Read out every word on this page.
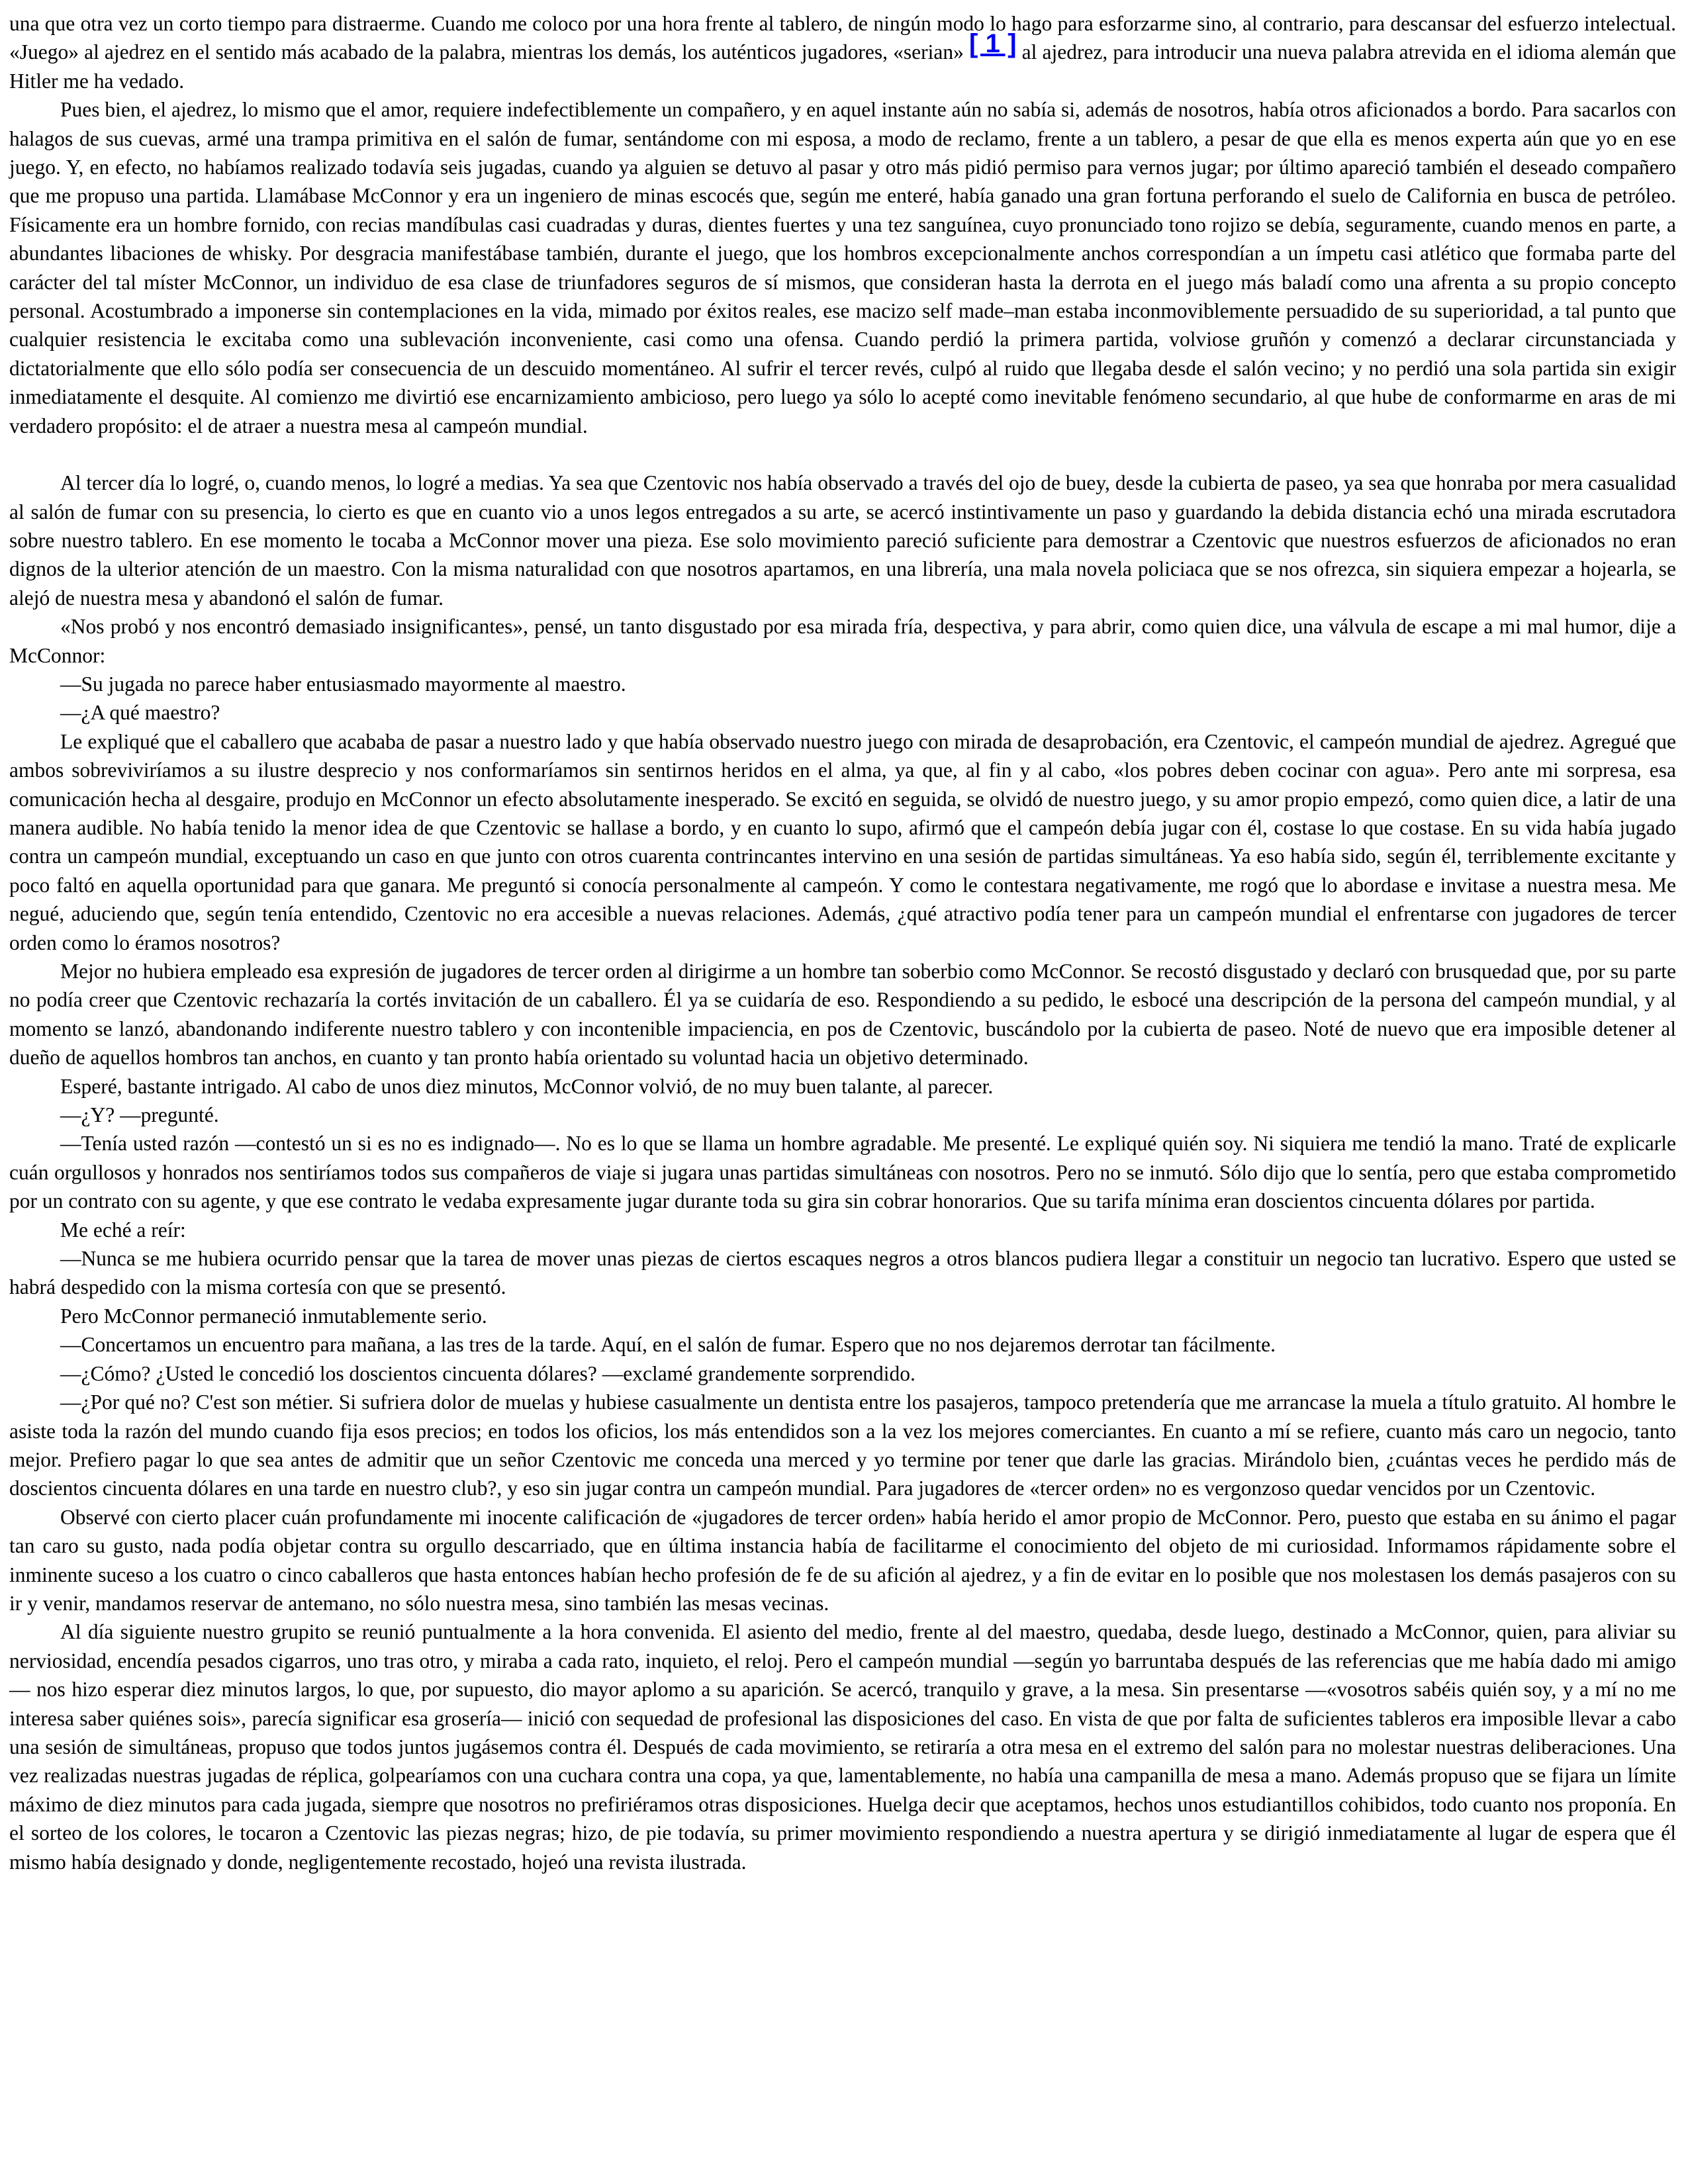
una que otra vez un corto tiempo para distraerme. Cuando me coloco por una hora frente al tablero, de ningún modo lo hago para esforzarme sino, al contrario, para descansar del esfuerzo intelectual. «Juego» al ajedrez en el sentido más acabado de la palabra, mientras los demás, los auténticos jugadores, «serian» [ 1 ] al ajedrez, para introducir una nueva palabra atrevida en el idioma alemán que Hitler me ha vedado.

Pues bien, el ajedrez, lo mismo que el amor, requiere indefectiblemente un compañero, y en aquel instante aún no sabía si, además de nosotros, había otros aficionados a bordo. Para sacarlos con halagos de sus cuevas, armé una trampa primitiva en el salón de fumar, sentándome con mi esposa, a modo de reclamo, frente a un tablero, a pesar de que ella es menos experta aún que yo en ese juego. Y, en efecto, no habíamos realizado todavía seis jugadas, cuando ya alguien se detuvo al pasar y otro más pidió permiso para vernos jugar; por último apareció también el deseado compañero que me propuso una partida. Llamábase McConnor y era un ingeniero de minas escocés que, según me enteré, había ganado una gran fortuna perforando el suelo de California en busca de petróleo. Físicamente era un hombre fornido, con recias mandíbulas casi cuadradas y duras, dientes fuertes y una tez sanguínea, cuyo pronunciado tono rojizo se debía, seguramente, cuando menos en parte, a abundantes libaciones de whisky. Por desgracia manifestábase también, durante el juego, que los hombros excepcionalmente anchos correspondían a un ímpetu casi atlético que formaba parte del carácter del tal míster McConnor, un individuo de esa clase de triunfadores seguros de sí mismos, que consideran hasta la derrota en el juego más baladí como una afrenta a su propio concepto personal. Acostumbrado a imponerse sin contemplaciones en la vida, mimado por éxitos reales, ese macizo self made–man estaba inconmoviblemente persuadido de su superioridad, a tal punto que cualquier resistencia le excitaba como una sublevación inconveniente, casi como una ofensa. Cuando perdió la primera partida, volviose gruñón y comenzó a declarar circunstanciada y dictatorialmente que ello sólo podía ser consecuencia de un descuido momentáneo. Al sufrir el tercer revés, culpó al ruido que llegaba desde el salón vecino; y no perdió una sola partida sin exigir inmediatamente el desquite. Al comienzo me divirtió ese encarnizamiento ambicioso, pero luego ya sólo lo acepté como inevitable fenómeno secundario, al que hube de conformarme en aras de mi verdadero propósito: el de atraer a nuestra mesa al campeón mundial.

Al tercer día lo logré, o, cuando menos, lo logré a medias. Ya sea que Czentovic nos había observado a través del ojo de buey, desde la cubierta de paseo, ya sea que honraba por mera casualidad al salón de fumar con su presencia, lo cierto es que en cuanto vio a unos legos entregados a su arte, se acercó instintivamente un paso y guardando la debida distancia echó una mirada escrutadora sobre nuestro tablero. En ese momento le tocaba a McConnor mover una pieza. Ese solo movimiento pareció suficiente para demostrar a Czentovic que nuestros esfuerzos de aficionados no eran dignos de la ulterior atención de un maestro. Con la misma naturalidad con que nosotros apartamos, en una librería, una mala novela policiaca que se nos ofrezca, sin siquiera empezar a hojearla, se alejó de nuestra mesa y abandonó el salón de fumar.

«Nos probó y nos encontró demasiado insignificantes», pensé, un tanto disgustado por esa mirada fría, despectiva, y para abrir, como quien dice, una válvula de escape a mi mal humor, dije a McConnor:

—Su jugada no parece haber entusiasmado mayormente al maestro.

—¿A qué maestro?

Le expliqué que el caballero que acababa de pasar a nuestro lado y que había observado nuestro juego con mirada de desaprobación, era Czentovic, el campeón mundial de ajedrez. Agregué que ambos sobreviviríamos a su ilustre desprecio y nos conformaríamos sin sentirnos heridos en el alma, ya que, al fin y al cabo, «los pobres deben cocinar con agua». Pero ante mi sorpresa, esa comunicación hecha al desgaire, produjo en McConnor un efecto absolutamente inesperado. Se excitó en seguida, se olvidó de nuestro juego, y su amor propio empezó, como quien dice, a latir de una manera audible. No había tenido la menor idea de que Czentovic se hallase a bordo, y en cuanto lo supo, afirmó que el campeón debía jugar con él, costase lo que costase. En su vida había jugado contra un campeón mundial, exceptuando un caso en que junto con otros cuarenta contrincantes intervino en una sesión de partidas simultáneas. Ya eso había sido, según él, terriblemente excitante y poco faltó en aquella oportunidad para que ganara. Me preguntó si conocía personalmente al campeón. Y como le contestara negativamente, me rogó que lo abordase e invitase a nuestra mesa. Me negué, aduciendo que, según tenía entendido, Czentovic no era accesible a nuevas relaciones. Además, ¿qué atractivo podía tener para un campeón mundial el enfrentarse con jugadores de tercer orden como lo éramos nosotros?

Mejor no hubiera empleado esa expresión de jugadores de tercer orden al dirigirme a un hombre tan soberbio como McConnor. Se recostó disgustado y declaró con brusquedad que, por su parte no podía creer que Czentovic rechazaría la cortés invitación de un caballero. Él ya se cuidaría de eso. Respondiendo a su pedido, le esbocé una descripción de la persona del campeón mundial, y al momento se lanzó, abandonando indiferente nuestro tablero y con incontenible impaciencia, en pos de Czentovic, buscándolo por la cubierta de paseo. Noté de nuevo que era imposible detener al dueño de aquellos hombros tan anchos, en cuanto y tan pronto había orientado su voluntad hacia un objetivo determinado.

Esperé, bastante intrigado. Al cabo de unos diez minutos, McConnor volvió, de no muy buen talante, al parecer.

—¿Y? —pregunté.

—Tenía usted razón —contestó un si es no es indignado—. No es lo que se llama un hombre agradable. Me presenté. Le expliqué quién soy. Ni siquiera me tendió la mano. Traté de explicarle cuán orgullosos y honrados nos sentiríamos todos sus compañeros de viaje si jugara unas partidas simultáneas con nosotros. Pero no se inmutó. Sólo dijo que lo sentía, pero que estaba comprometido por un contrato con su agente, y que ese contrato le vedaba expresamente jugar durante toda su gira sin cobrar honorarios. Que su tarifa mínima eran doscientos cincuenta dólares por partida.

Me eché a reír:

—Nunca se me hubiera ocurrido pensar que la tarea de mover unas piezas de ciertos escaques negros a otros blancos pudiera llegar a constituir un negocio tan lucrativo. Espero que usted se habrá despedido con la misma cortesía con que se presentó.

Pero McConnor permaneció inmutablemente serio.

—Concertamos un encuentro para mañana, a las tres de la tarde. Aquí, en el salón de fumar. Espero que no nos dejaremos derrotar tan fácilmente.

—¿Cómo? ¿Usted le concedió los doscientos cincuenta dólares? —exclamé grandemente sorprendido.

—¿Por qué no? C'est son métier. Si sufriera dolor de muelas y hubiese casualmente un dentista entre los pasajeros, tampoco pretendería que me arrancase la muela a título gratuito. Al hombre le asiste toda la razón del mundo cuando fija esos precios; en todos los oficios, los más entendidos son a la vez los mejores comerciantes. En cuanto a mí se refiere, cuanto más caro un negocio, tanto mejor. Prefiero pagar lo que sea antes de admitir que un señor Czentovic me conceda una merced y yo termine por tener que darle las gracias. Mirándolo bien, ¿cuántas veces he perdido más de doscientos cincuenta dólares en una tarde en nuestro club?, y eso sin jugar contra un campeón mundial. Para jugadores de «tercer orden» no es vergonzoso quedar vencidos por un Czentovic.

Observé con cierto placer cuán profundamente mi inocente calificación de «jugadores de tercer orden» había herido el amor propio de McConnor. Pero, puesto que estaba en su ánimo el pagar tan caro su gusto, nada podía objetar contra su orgullo descarriado, que en última instancia había de facilitarme el conocimiento del objeto de mi curiosidad. Informamos rápidamente sobre el inminente suceso a los cuatro o cinco caballeros que hasta entonces habían hecho profesión de fe de su afición al ajedrez, y a fin de evitar en lo posible que nos molestasen los demás pasajeros con su ir y venir, mandamos reservar de antemano, no sólo nuestra mesa, sino también las mesas vecinas.

Al día siguiente nuestro grupito se reunió puntualmente a la hora convenida. El asiento del medio, frente al del maestro, quedaba, desde luego, destinado a McConnor, quien, para aliviar su nerviosidad, encendía pesados cigarros, uno tras otro, y miraba a cada rato, inquieto, el reloj. Pero el campeón mundial —según yo barruntaba después de las referencias que me había dado mi amigo— nos hizo esperar diez minutos largos, lo que, por supuesto, dio mayor aplomo a su aparición. Se acercó, tranquilo y grave, a la mesa. Sin presentarse —«vosotros sabéis quién soy, y a mí no me interesa saber quiénes sois», parecía significar esa grosería— inició con sequedad de profesional las disposiciones del caso. En vista de que por falta de suficientes tableros era imposible llevar a cabo una sesión de simultáneas, propuso que todos juntos jugásemos contra él. Después de cada movimiento, se retiraría a otra mesa en el extremo del salón para no molestar nuestras deliberaciones. Una vez realizadas nuestras jugadas de réplica, golpearíamos con una cuchara contra una copa, ya que, lamentablemente, no había una campanilla de mesa a mano. Además propuso que se fijara un límite máximo de diez minutos para cada jugada, siempre que nosotros no prefiriéramos otras disposiciones. Huelga decir que aceptamos, hechos unos estudiantillos cohibidos, todo cuanto nos proponía. En el sorteo de los colores, le tocaron a Czentovic las piezas negras; hizo, de pie todavía, su primer movimiento respondiendo a nuestra apertura y se dirigió inmediatamente al lugar de espera que él mismo había designado y donde, negligentemente recostado, hojeó una revista ilustrada.
